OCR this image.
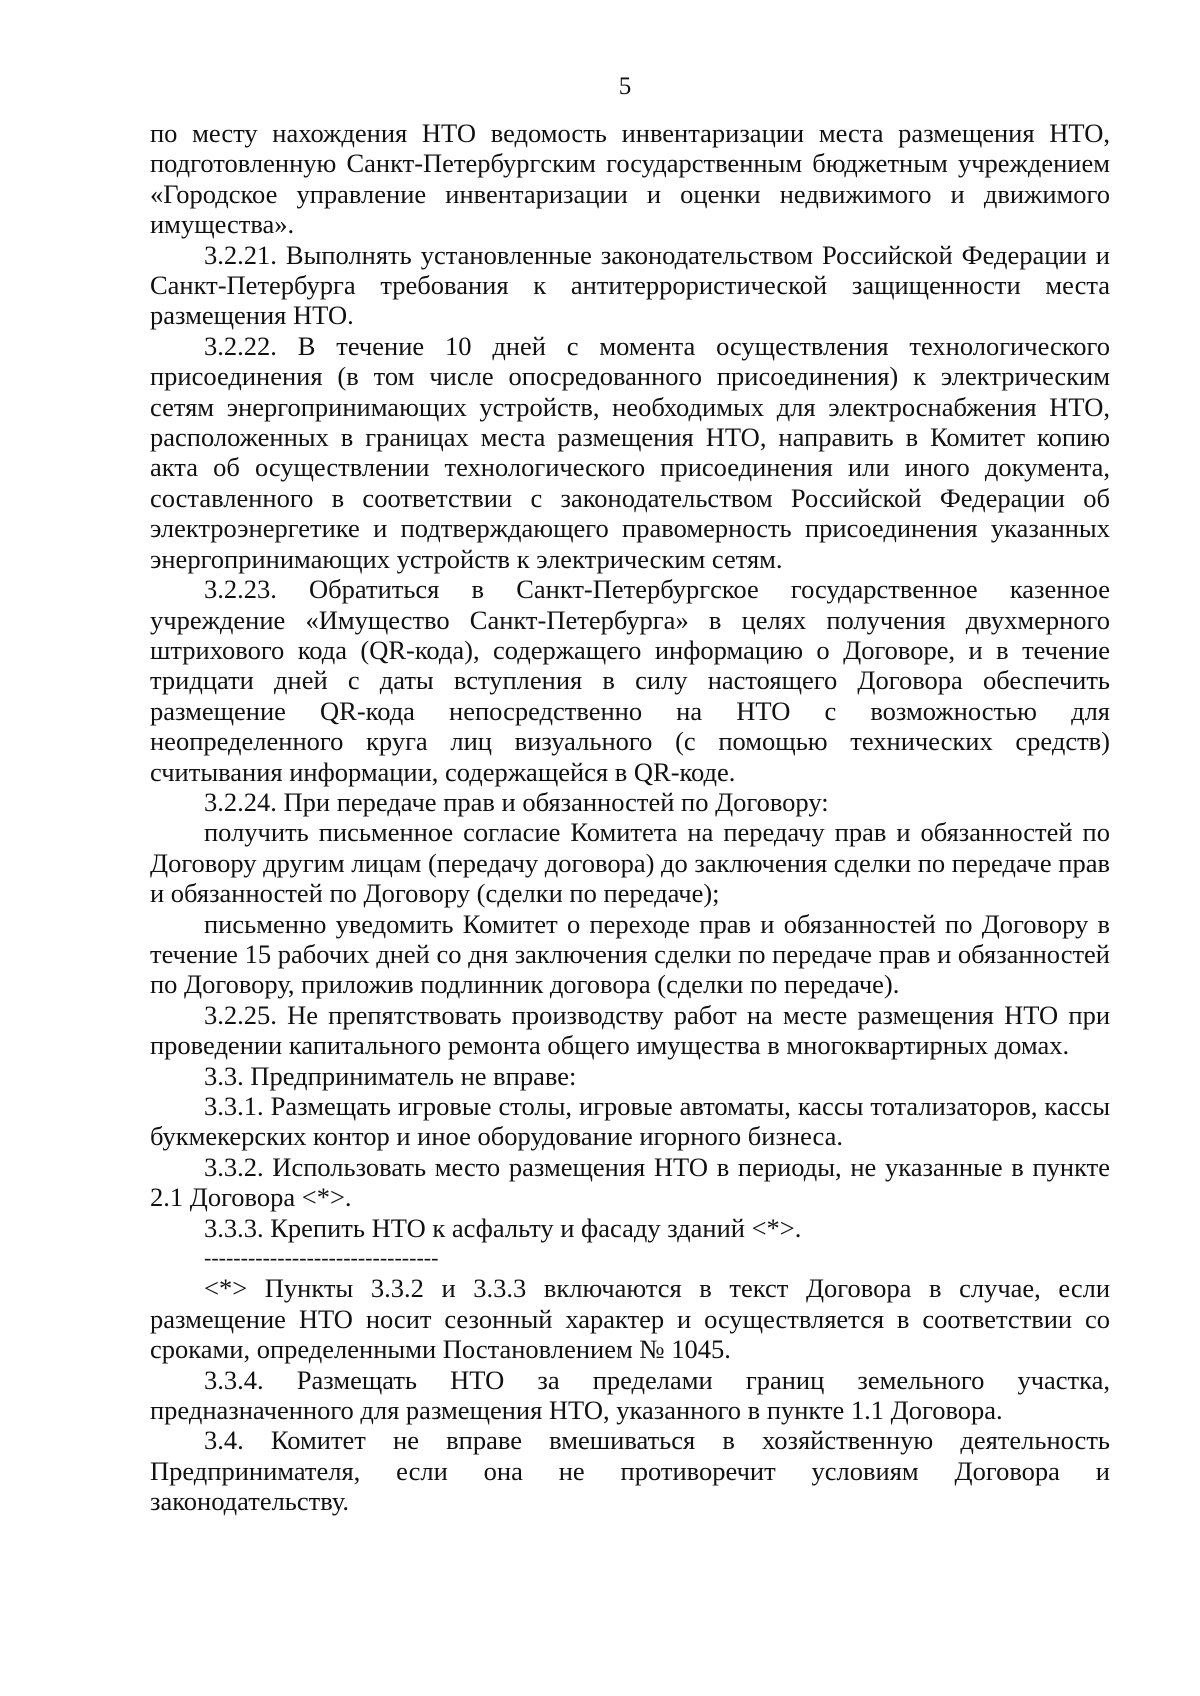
5

по месту нахождения НТО ведомость инвентаризации места размещения НТО, подготовленную Санкт-Петербургским государственным бюджетным учреждением «Городское управление инвентаризации и оценки недвижимого и движимого имущества».

3.2.21. Выполнять установленные законодательством Российской Федерации и Санкт-Петербурга требования к антитеррористической защищенности места размещения НТО.

3.2.22. В течение 10 дней с момента осуществления технологического присоединения (в том числе опосредованного присоединения) к электрическим сетям энергопринимающих устройств, необходимых для электроснабжения НТО, расположенных в границах места размещения НТО, направить в Комитет копию акта об осуществлении технологического присоединения или иного документа, составленного в соответствии с законодательством Российской Федерации об электроэнергетике и подтверждающего правомерность присоединения указанных энергопринимающих устройств к электрическим сетям.

3.2.23. Обратиться в Санкт-Петербургское государственное казенное учреждение «Имущество Санкт-Петербурга» в целях получения двухмерного штрихового кода (QR-кода), содержащего информацию о Договоре, и в течение тридцати дней с даты вступления в силу настоящего Договора обеспечить размещение QR-кода непосредственно на НТО с возможностью для неопределенного круга лиц визуального (с помощью технических средств) считывания информации, содержащейся в QR-коде.

3.2.24. При передаче прав и обязанностей по Договору:

получить письменное согласие Комитета на передачу прав и обязанностей по Договору другим лицам (передачу договора) до заключения сделки по передаче прав и обязанностей по Договору (сделки по передаче);

письменно уведомить Комитет о переходе прав и обязанностей по Договору в течение 15 рабочих дней со дня заключения сделки по передаче прав и обязанностей по Договору, приложив подлинник договора (сделки по передаче).

3.2.25. Не препятствовать производству работ на месте размещения НТО при проведении капитального ремонта общего имущества в многоквартирных домах.

3.3. Предприниматель не вправе:

3.3.1. Размещать игровые столы, игровые автоматы, кассы тотализаторов, кассы букмекерских контор и иное оборудование игорного бизнеса.

3.3.2. Использовать место размещения НТО в периоды, не указанные в пункте 2.1 Договора <*>.

3.3.3. Крепить НТО к асфальту и фасаду зданий <*>.

--------------------------------

<*> Пункты 3.3.2 и 3.3.3 включаются в текст Договора в случае, если размещение НТО носит сезонный характер и осуществляется в соответствии со сроками, определенными Постановлением № 1045.

3.3.4. Размещать НТО за пределами границ земельного участка, предназначенного для размещения НТО, указанного в пункте 1.1 Договора.

3.4. Комитет не вправе вмешиваться в хозяйственную деятельность Предпринимателя, если она не противоречит условиям Договора и законодательству.
